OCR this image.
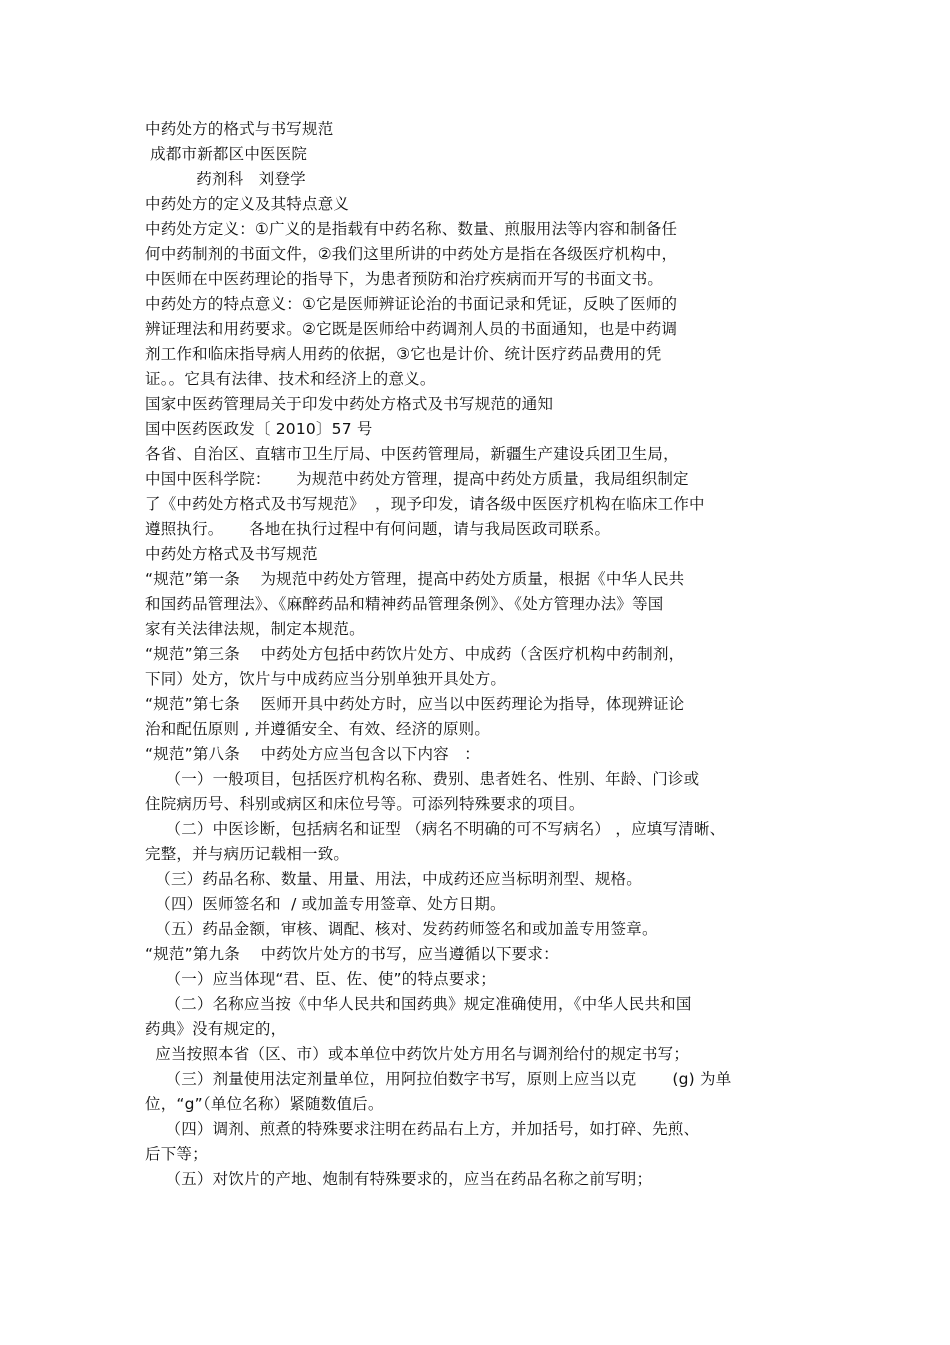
中药处方的格式与书写规范
成都市新都区中医医院
药剂科   刘登学
中药处方的定义及其特点意义
中药处方定义：①广义的是指载有中药名称、数量、煎服用法等内容和制备任
何中药制剂的书面文件，②我们这里所讲的中药处方是指在各级医疗机构中，
中医师在中医药理论的指导下，为患者预防和治疗疾病而开写的书面文书。
中药处方的特点意义：①它是医师辨证论治的书面记录和凭证，反映了医师的
辨证理法和用药要求。②它既是医师给中药调剂人员的书面通知，也是中药调
剂工作和临床指导病人用药的依据，③它也是计价、统计医疗药品费用的凭
证。。它具有法律、技术和经济上的意义。
国家中医药管理局关于印发中药处方格式及书写规范的通知
国中医药医政发〔 2010〕57 号
各省、自治区、直辖市卫生厅局、中医药管理局，新疆生产建设兵团卫生局，
中国中医科学院：     为规范中药处方管理，提高中药处方质量，我局组织制定
了《中药处方格式及书写规范》  ，现予印发，请各级中医医疗机构在临床工作中
遵照执行。     各地在执行过程中有何问题，请与我局医政司联系。
中药处方格式及书写规范
“规范”第一条    为规范中药处方管理，提高中药处方质量，根据《中华人民共
和国药品管理法》、《麻醉药品和精神药品管理条例》、《处方管理办法》等国
家有关法律法规，制定本规范。
“规范”第三条    中药处方包括中药饮片处方、中成药（含医疗机构中药制剂，
下同）处方，饮片与中成药应当分别单独开具处方。
“规范”第七条    医师开具中药处方时，应当以中医药理论为指导，体现辨证论
治和配伍原则 , 并遵循安全、有效、经济的原则。
“规范”第八条    中药处方应当包含以下内容   ：
（一）一般项目，包括医疗机构名称、费别、患者姓名、性别、年龄、门诊或
住院病历号、科别或病区和床位号等。可添列特殊要求的项目。
（二）中医诊断，包括病名和证型 （病名不明确的可不写病名） ，应填写清晰、
完整，并与病历记载相一致。
（三）药品名称、数量、用量、用法，中成药还应当标明剂型、规格。
（四）医师签名和  / 或加盖专用签章、处方日期。
（五）药品金额，审核、调配、核对、发药药师签名和或加盖专用签章。
“规范”第九条    中药饮片处方的书写，应当遵循以下要求：
（一）应当体现“君、臣、佐、使”的特点要求；
（二）名称应当按《中华人民共和国药典》规定准确使用，《中华人民共和国
药典》没有规定的，
应当按照本省（区、市）或本单位中药饮片处方用名与调剂给付的规定书写；
（三）剂量使用法定剂量单位，用阿拉伯数字书写，原则上应当以克       (g) 为单
位，“g”（单位名称）紧随数值后。
（四）调剂、煎煮的特殊要求注明在药品右上方，并加括号，如打碎、先煎、
后下等；
（五）对饮片的产地、炮制有特殊要求的，应当在药品名称之前写明；
